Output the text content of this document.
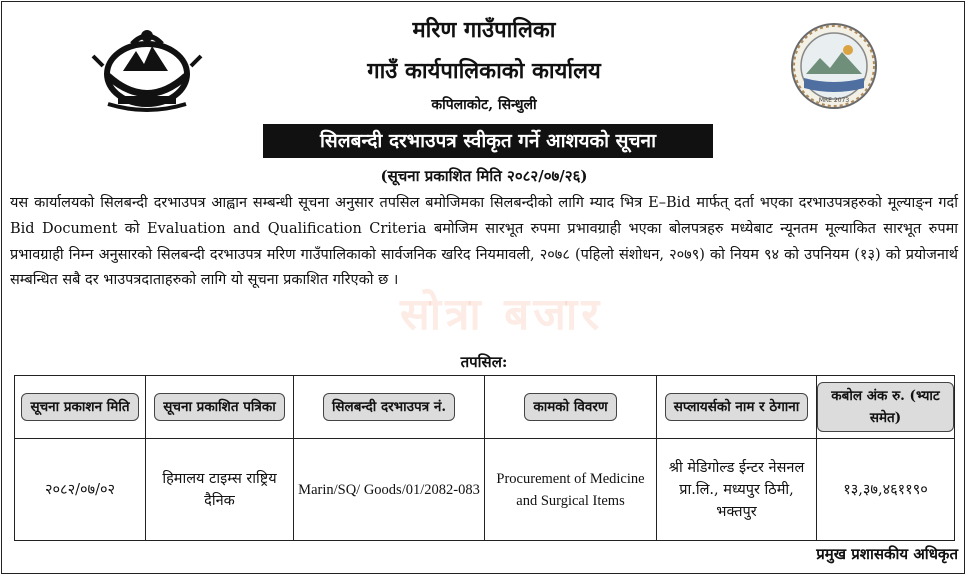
MRE 2073
मरिण गाउँपालिका
गाउँ कार्यपालिकाको कार्यालय
कपिलाकोट, सिन्धुली
सिलबन्दी दरभाउपत्र स्वीकृत गर्ने आशयको सूचना
(सूचना प्रकाशित मिति २०८२/०७/२६)
यस कार्यालयको सिलबन्दी दरभाउपत्र आह्वान सम्बन्धी सूचना अनुसार तपसिल बमोजिमका सिलबन्दीको लागि म्याद भित्र E–Bid मार्फत् दर्ता भएका दरभाउपत्रहरुको मूल्याङ्न गर्दा Bid Document को Evaluation and Qualification Criteria बमोजिम सारभूत रुपमा प्रभावग्राही भएका बोलपत्रहरु मध्येबाट न्यूनतम मूल्याकित सारभूत रुपमा प्रभावग्राही निम्न अनुसारको सिलबन्दी दरभाउपत्र मरिण गाउँपालिकाको सार्वजनिक खरिद नियमावली, २०७८ (पहिलो संशोधन, २०७९) को नियम ९४ को उपनियम (१३) को प्रयोजनार्थ सम्बन्धित सबै दर भाउपत्रदाताहरुको लागि यो सूचना प्रकाशित गरिएको छ ।
सोत्रा बजार
तपसिल:
सूचना प्रकाशन मिति	सूचना प्रकाशित पत्रिका	सिलबन्दी दरभाउपत्र नं.	कामको विवरण	सप्लायर्सको नाम र ठेगाना	कबोल अंक रु. (भ्याट समेत)
२०८२/०७/०२	हिमालय टाइम्स राष्ट्रिय दैनिक	Marin/SQ/ Goods/01/2082-083	Procurement of Medicine and Surgical Items	श्री मेडिगोल्ड ईन्टर नेसनल प्रा.लि., मध्यपुर ठिमी, भक्तपुर	१३,३७,४६११९०
प्रमुख प्रशासकीय अधिकृत
